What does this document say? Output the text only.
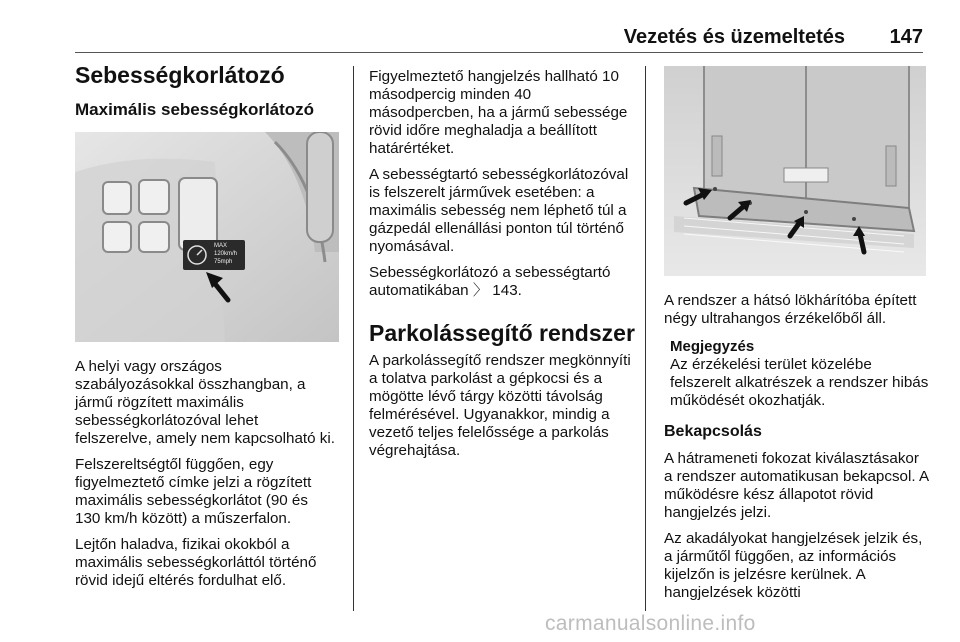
Vezetés és üzemeltetés 147
Sebességkorlátozó
Maximális sebességkorlátozó
MAX
120km/h
75mph

A helyi vagy országos szabályozásokkal összhangban, a jármű rögzített maximális sebességkorlátozóval lehet felszerelve, amely nem kapcsolható ki.

Felszereltségtől függően, egy figyelmeztető címke jelzi a rögzített maximális sebességkorlátot (90 és 130 km/h között) a műszerfalon.

Lejtőn haladva, fizikai okokból a maximális sebességkorláttól történő rövid idejű eltérés fordulhat elő.

Figyelmeztető hangjelzés hallható 10 másodpercig minden 40 másodpercben, ha a jármű sebessége rövid időre meghaladja a beállított határértéket.

A sebességtartó sebességkorlátozóval is felszerelt járművek esetében: a maximális sebesség nem léphető túl a gázpedál ellenállási ponton túl történő nyomásával.

Sebességkorlátozó a sebességtartó automatikában 〉 143.

Parkolássegítő rendszer

A parkolássegítő rendszer megkönnyíti a tolatva parkolást a gépkocsi és a mögötte lévő tárgy közötti távolság felmérésével. Ugyanakkor, mindig a vezető teljes felelőssége a parkolás végrehajtása.

A rendszer a hátsó lökhárítóba épített négy ultrahangos érzékelőből áll.

Megjegyzés

Az érzékelési terület közelébe felszerelt alkatrészek a rendszer hibás működését okozhatják.

Bekapcsolás

A hátrameneti fokozat kiválasztásakor a rendszer automatikusan bekapcsol. A működésre kész állapotot rövid hangjelzés jelzi.

Az akadályokat hangjelzések jelzik és, a járműtől függően, az információs kijelzőn is jelzésre kerülnek. A hangjelzések közötti

carmanualsonline.info
